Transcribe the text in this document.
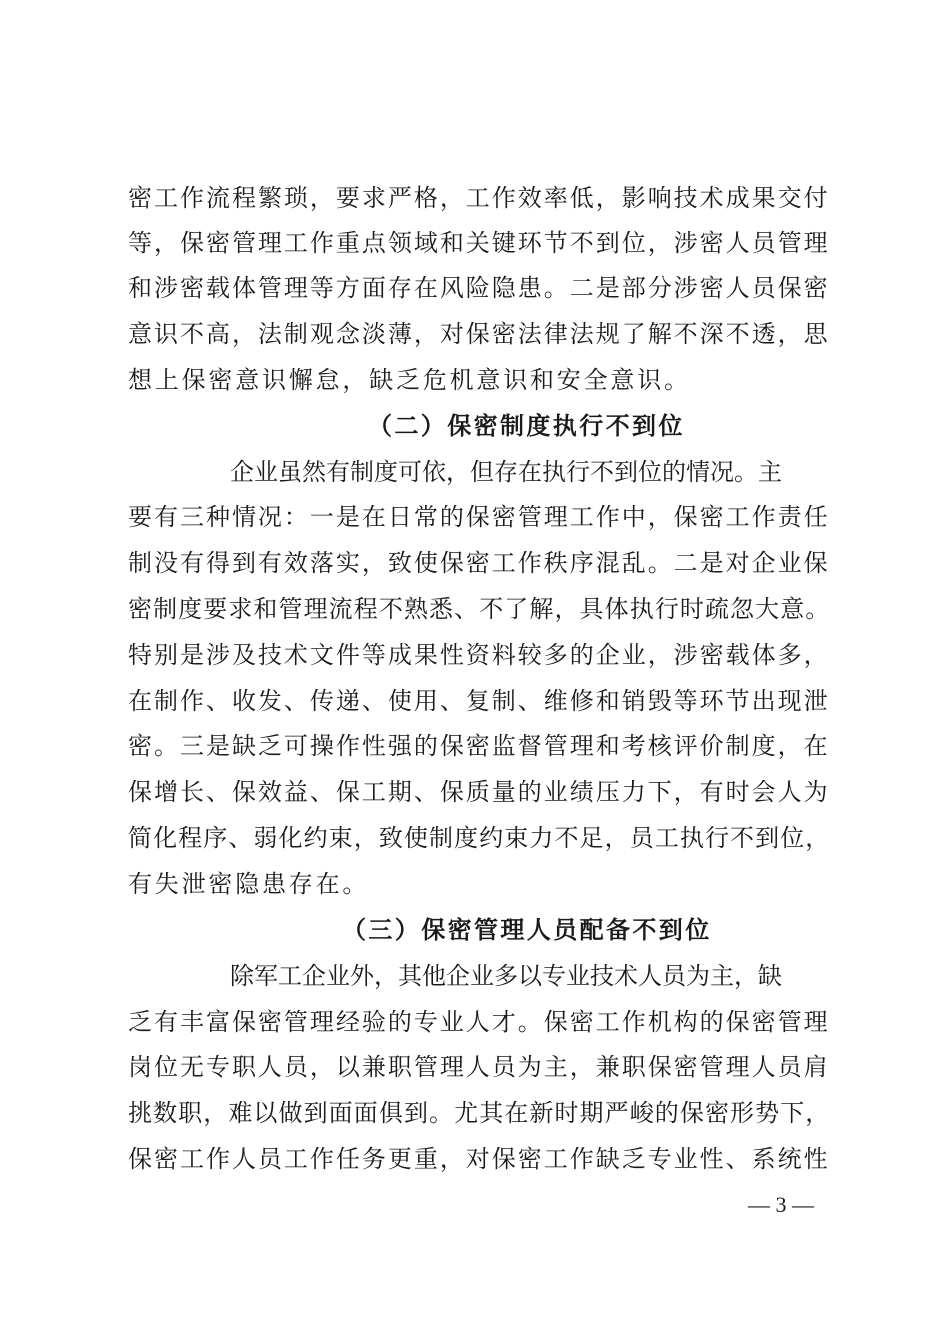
密工作流程繁琐，要求严格，工作效率低，影响技术成果交付
等，保密管理工作重点领域和关键环节不到位，涉密人员管理
和涉密载体管理等方面存在风险隐患。二是部分涉密人员保密
意识不高，法制观念淡薄，对保密法律法规了解不深不透，思
想上保密意识懈怠，缺乏危机意识和安全意识。
（二）保密制度执行不到位
企业虽然有制度可依，但存在执行不到位的情况。主
要有三种情况：一是在日常的保密管理工作中，保密工作责任
制没有得到有效落实，致使保密工作秩序混乱。二是对企业保
密制度要求和管理流程不熟悉、不了解，具体执行时疏忽大意。
特别是涉及技术文件等成果性资料较多的企业，涉密载体多，
在制作、收发、传递、使用、复制、维修和销毁等环节出现泄
密。三是缺乏可操作性强的保密监督管理和考核评价制度，在
保增长、保效益、保工期、保质量的业绩压力下，有时会人为
简化程序、弱化约束，致使制度约束力不足，员工执行不到位，
有失泄密隐患存在。
（三）保密管理人员配备不到位
除军工企业外，其他企业多以专业技术人员为主，缺
乏有丰富保密管理经验的专业人才。保密工作机构的保密管理
岗位无专职人员，以兼职管理人员为主，兼职保密管理人员肩
挑数职，难以做到面面俱到。尤其在新时期严峻的保密形势下，
保密工作人员工作任务更重，对保密工作缺乏专业性、系统性
— 3 —
